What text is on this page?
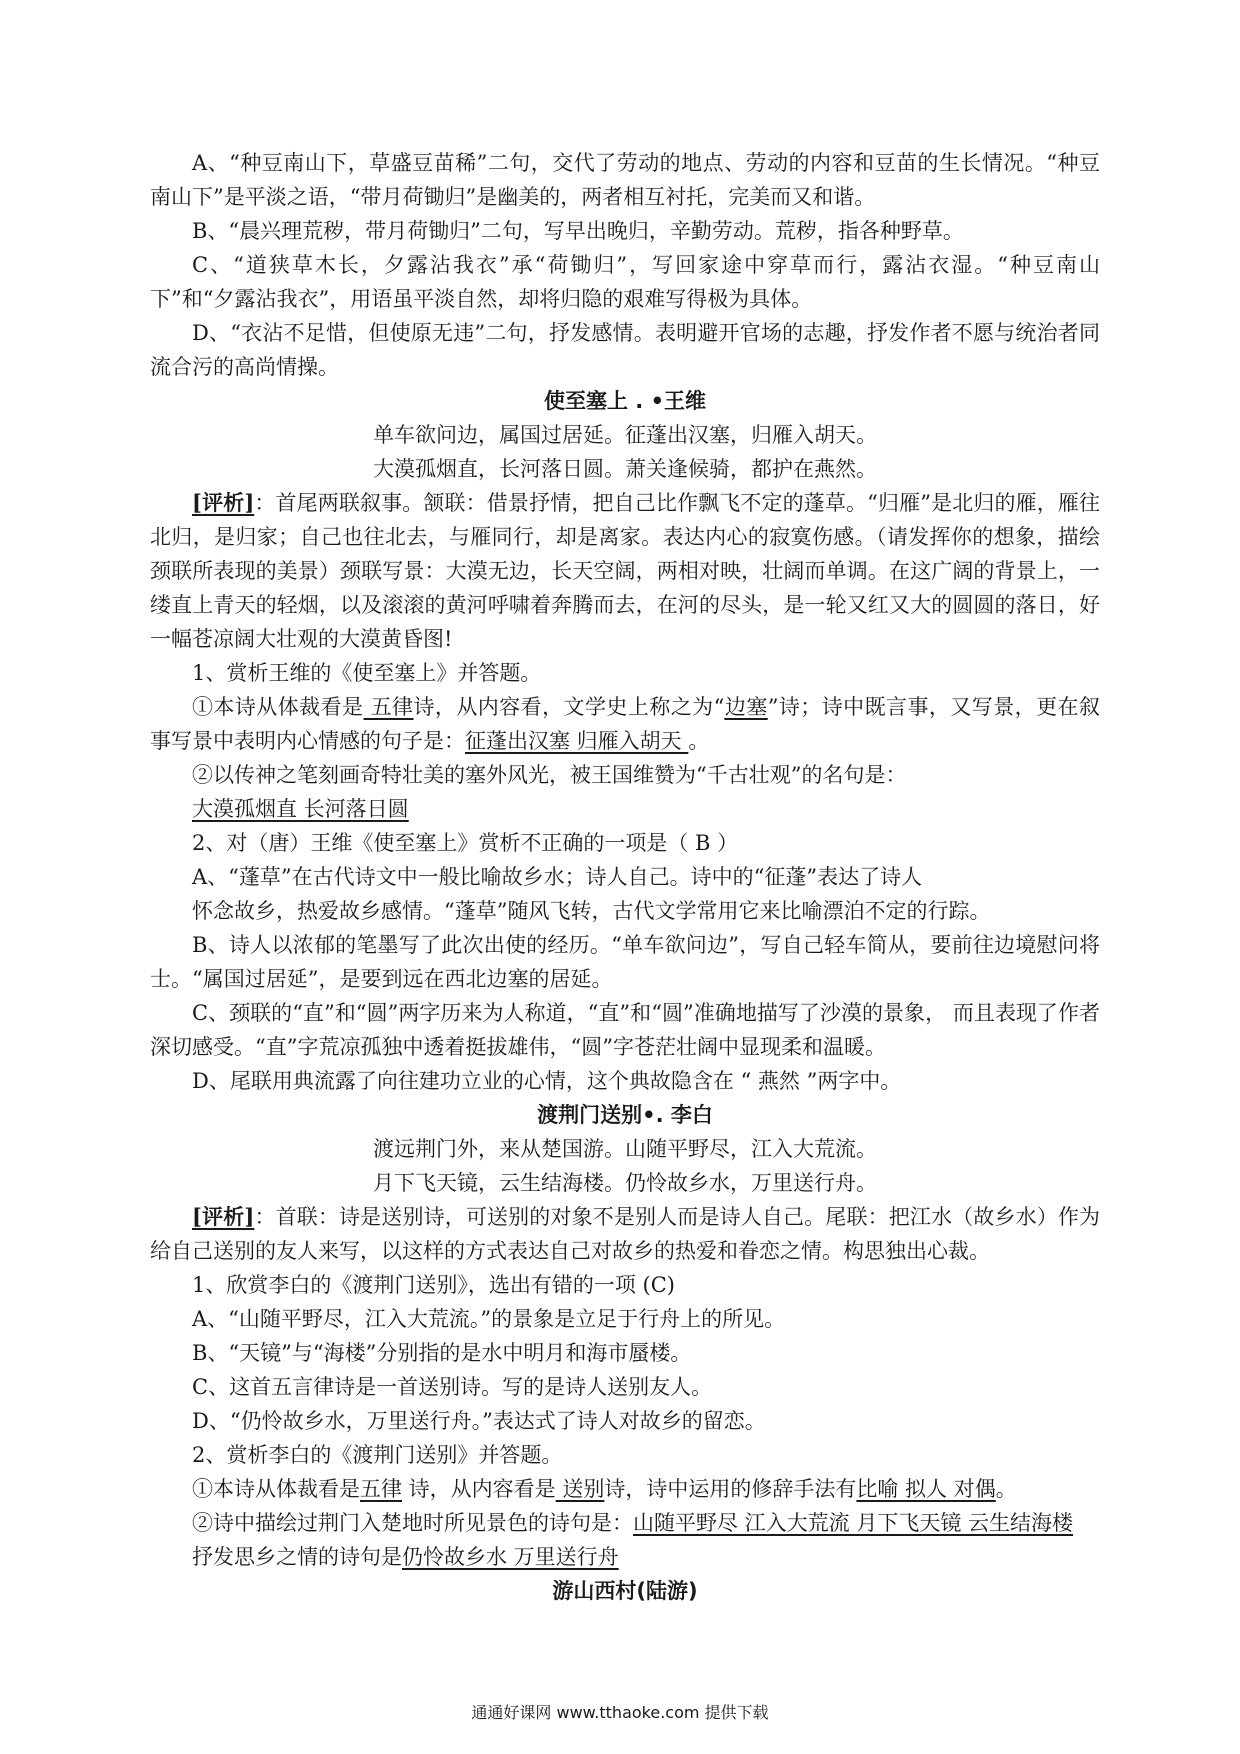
A、“种豆南山下，草盛豆苗稀”二句，交代了劳动的地点、劳动的内容和豆苗的生长情况。“种豆南山下”是平淡之语，“带月荷锄归”是幽美的，两者相互衬托，完美而又和谐。

B、“晨兴理荒秽，带月荷锄归”二句，写早出晚归，辛勤劳动。荒秽，指各种野草。

C、“道狭草木长，夕露沾我衣”承“荷锄归”，写回家途中穿草而行，露沾衣湿。“种豆南山下”和“夕露沾我衣”，用语虽平淡自然，却将归隐的艰难写得极为具体。

D、“衣沾不足惜，但使原无违”二句，抒发感情。表明避开官场的志趣，抒发作者不愿与统治者同流合污的高尚情操。

使至塞上 . •王维

单车欲问边，属国过居延。征蓬出汉塞，归雁入胡天。

大漠孤烟直，长河落日圆。萧关逢候骑，都护在燕然。

[评析]：首尾两联叙事。颔联：借景抒情，把自己比作飘飞不定的蓬草。“归雁”是北归的雁，雁往北归，是归家；自己也往北去，与雁同行，却是离家。表达内心的寂寞伤感。（请发挥你的想象，描绘颈联所表现的美景）颈联写景：大漠无边，长天空阔，两相对映，壮阔而单调。在这广阔的背景上，一缕直上青天的轻烟，以及滚滚的黄河呼啸着奔腾而去，在河的尽头，是一轮又红又大的圆圆的落日，好一幅苍凉阔大壮观的大漠黄昏图!

1、赏析王维的《使至塞上》并答题。

①本诗从体裁看是 五律诗，从内容看，文学史上称之为“边塞”诗；诗中既言事，又写景，更在叙事写景中表明内心情感的句子是：征蓬出汉塞 归雁入胡天 。

②以传神之笔刻画奇特壮美的塞外风光，被王国维赞为“千古壮观”的名句是：

大漠孤烟直 长河落日圆

2、对（唐）王维《使至塞上》赏析不正确的一项是（ B ）

A、“蓬草”在古代诗文中一般比喻故乡水；诗人自己。诗中的“征蓬”表达了诗人

怀念故乡，热爱故乡感情。“蓬草”随风飞转，古代文学常用它来比喻漂泊不定的行踪。

B、诗人以浓郁的笔墨写了此次出使的经历。“单车欲问边”，写自己轻车简从，要前往边境慰问将士。“属国过居延”，是要到远在西北边塞的居延。

C、颈联的“直”和“圆”两字历来为人称道，“直”和“圆”准确地描写了沙漠的景象， 而且表现了作者深切感受。“直”字荒凉孤独中透着挺拔雄伟，“圆”字苍茫壮阔中显现柔和温暖。

D、尾联用典流露了向往建功立业的心情，这个典故隐含在 “ 燕然 ”两字中。

渡荆门送别•. 李白

渡远荆门外，来从楚国游。山随平野尽，江入大荒流。

月下飞天镜，云生结海楼。仍怜故乡水，万里送行舟。

[评析]：首联：诗是送别诗，可送别的对象不是别人而是诗人自己。尾联：把江水（故乡水）作为给自己送别的友人来写，以这样的方式表达自己对故乡的热爱和眷恋之情。构思独出心裁。

1、欣赏李白的《渡荆门送别》，选出有错的一项 (C)

A、“山随平野尽，江入大荒流。”的景象是立足于行舟上的所见。

B、“天镜”与“海楼”分别指的是水中明月和海市蜃楼。

C、这首五言律诗是一首送别诗。写的是诗人送别友人。

D、“仍怜故乡水，万里送行舟。”表达式了诗人对故乡的留恋。

2、赏析李白的《渡荆门送别》并答题。

①本诗从体裁看是五律 诗，从内容看是 送别诗，诗中运用的修辞手法有比喻 拟人 对偶。

②诗中描绘过荆门入楚地时所见景色的诗句是：山随平野尽 江入大荒流 月下飞天镜 云生结海楼

抒发思乡之情的诗句是仍怜故乡水 万里送行舟

游山西村(陆游)

通通好课网 www.tthaoke.com 提供下载
